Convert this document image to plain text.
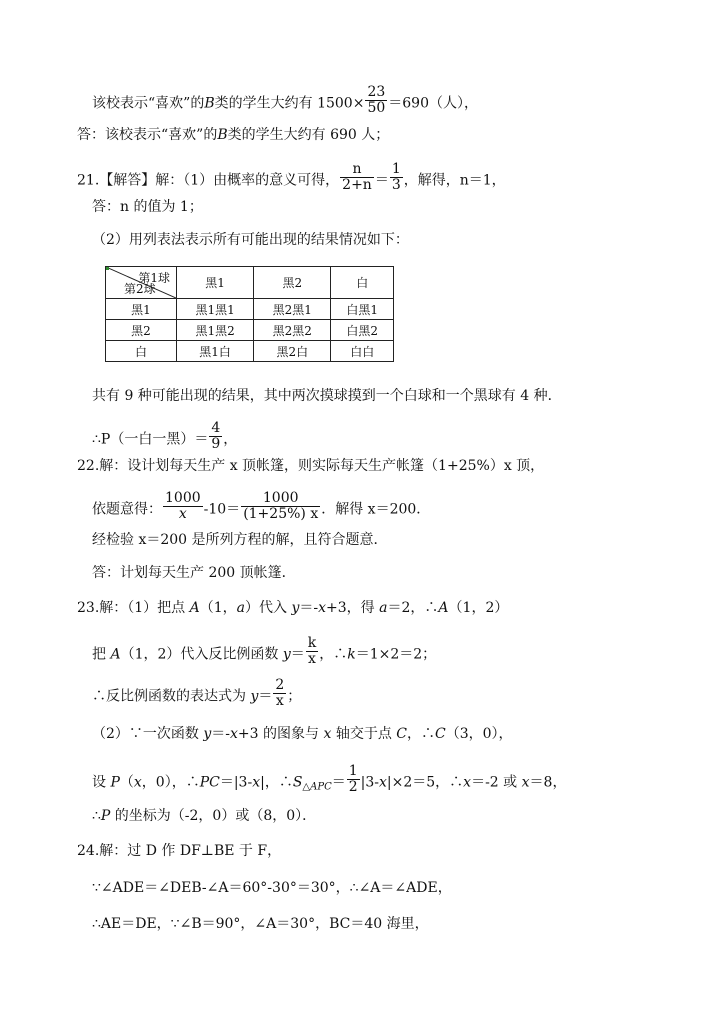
该校表示“喜欢”的B类的学生大约有 $1500\times \frac{23}{50} =690$（人），
答：该校表示“喜欢”的B类的学生大约有 690 人；
21.【解答】解：（1）由概率的意义可得， $\frac{n}{2+n} = \frac{1}{3}$ ，解得，n＝1，
答：n 的值为 1；
（2）用列表法表示所有可能出现的结果情况如下：
第1球
第2球	黑1	黑2	白
黑1	黑1黑1	黑2黑1	白黑1
黑2	黑1黑2	黑2黑2	白黑2
白	黑1白	黑2白	白白
共有 9 种可能出现的结果，其中两次摸球摸到一个白球和一个黑球有 4 种．
∴P（一白一黑）＝ $\frac{4}{9}$ ，
22.解：设计划每天生产 x 顶帐篷，则实际每天生产帐篷（1+25%）x 顶，
依题意得： $\frac{1000}{x} -10= \frac{1000}{(1+25\%) x}$ ．解得 x＝200．
经检验 x＝200 是所列方程的解，且符合题意．
答：计划每天生产 200 顶帐篷．
23.解：（1）把点 A（1，a）代入 y＝-x+3，得 a＝2，∴A（1，2）
把 A（1，2）代入反比例函数 $y= \frac{k}{x}$ ，∴k＝1×2＝2；
∴反比例函数的表达式为 $y= \frac{2}{x}$ ；
（2）∵一次函数 y＝-x+3 的图象与 x 轴交于点 C，∴C（3，0），
设 P（x，0），∴PC＝|3-x|，$\therefore S_{\triangle APC}= \frac{1}{2} |3-x|\times 2=5$，∴x＝-2 或 x＝8，
∴P 的坐标为（-2，0）或（8，0）．
24.解：过 D 作 DF⊥BE 于 F，
∵∠ADE＝∠DEB-∠A＝60°-30°＝30°，∴∠A＝∠ADE，
∴AE＝DE，∵∠B＝90°，∠A＝30°，BC＝40 海里，
